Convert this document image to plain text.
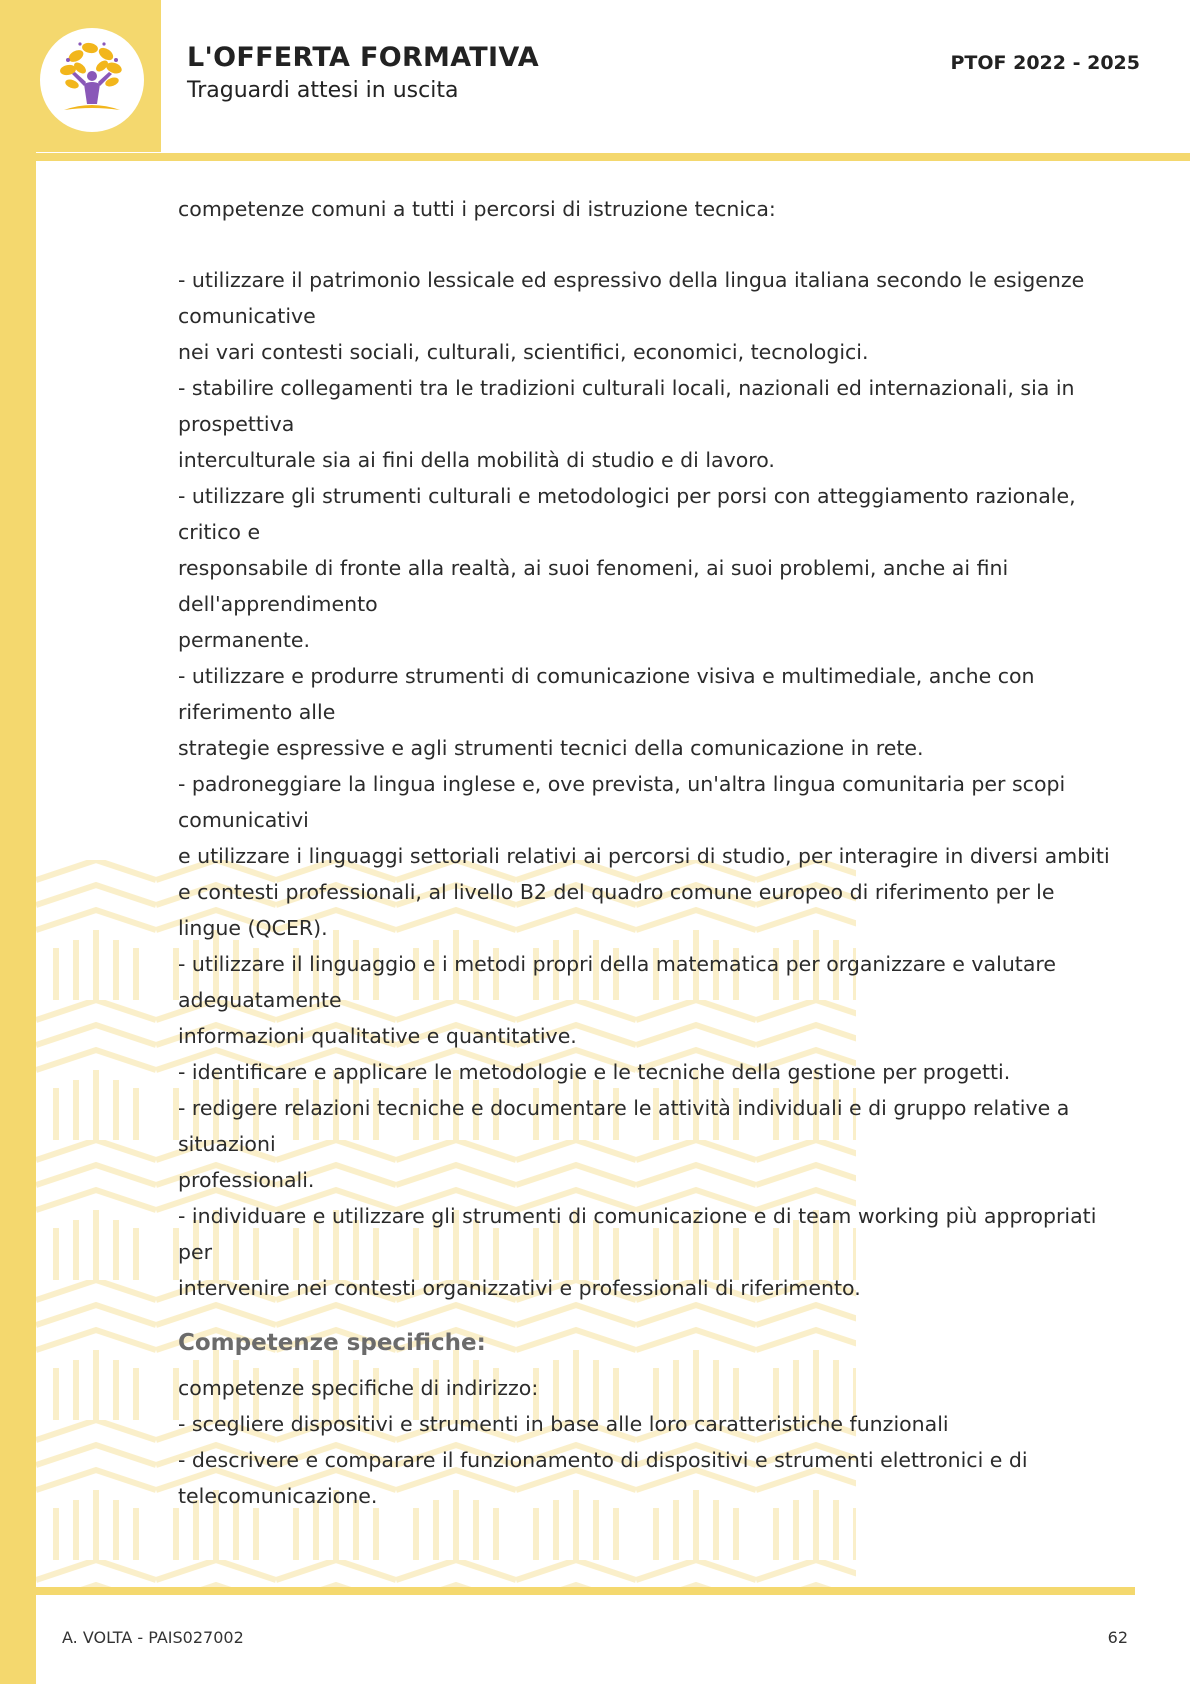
L'OFFERTA FORMATIVA
Traguardi attesi in uscita
PTOF 2022 - 2025
competenze comuni a tutti i percorsi di istruzione tecnica:
- utilizzare il patrimonio lessicale ed espressivo della lingua italiana secondo le esigenze
comunicative
nei vari contesti sociali, culturali, scientifici, economici, tecnologici.
- stabilire collegamenti tra le tradizioni culturali locali, nazionali ed internazionali, sia in
prospettiva
interculturale sia ai fini della mobilità di studio e di lavoro.
- utilizzare gli strumenti culturali e metodologici per porsi con atteggiamento razionale,
critico e
responsabile di fronte alla realtà, ai suoi fenomeni, ai suoi problemi, anche ai fini
dell'apprendimento
permanente.
- utilizzare e produrre strumenti di comunicazione visiva e multimediale, anche con
riferimento alle
strategie espressive e agli strumenti tecnici della comunicazione in rete.
- padroneggiare la lingua inglese e, ove prevista, un'altra lingua comunitaria per scopi
comunicativi
e utilizzare i linguaggi settoriali relativi ai percorsi di studio, per interagire in diversi ambiti
e contesti professionali, al livello B2 del quadro comune europeo di riferimento per le
lingue (QCER).
- utilizzare il linguaggio e i metodi propri della matematica per organizzare e valutare
adeguatamente
informazioni qualitative e quantitative.
- identificare e applicare le metodologie e le tecniche della gestione per progetti.
- redigere relazioni tecniche e documentare le attività individuali e di gruppo relative a
situazioni
professionali.
- individuare e utilizzare gli strumenti di comunicazione e di team working più appropriati
per
intervenire nei contesti organizzativi e professionali di riferimento.
Competenze specifiche:
competenze specifiche di indirizzo:
- scegliere dispositivi e strumenti in base alle loro caratteristiche funzionali
- descrivere e comparare il funzionamento di dispositivi e strumenti elettronici e di
telecomunicazione.
A. VOLTA - PAIS027002	62
